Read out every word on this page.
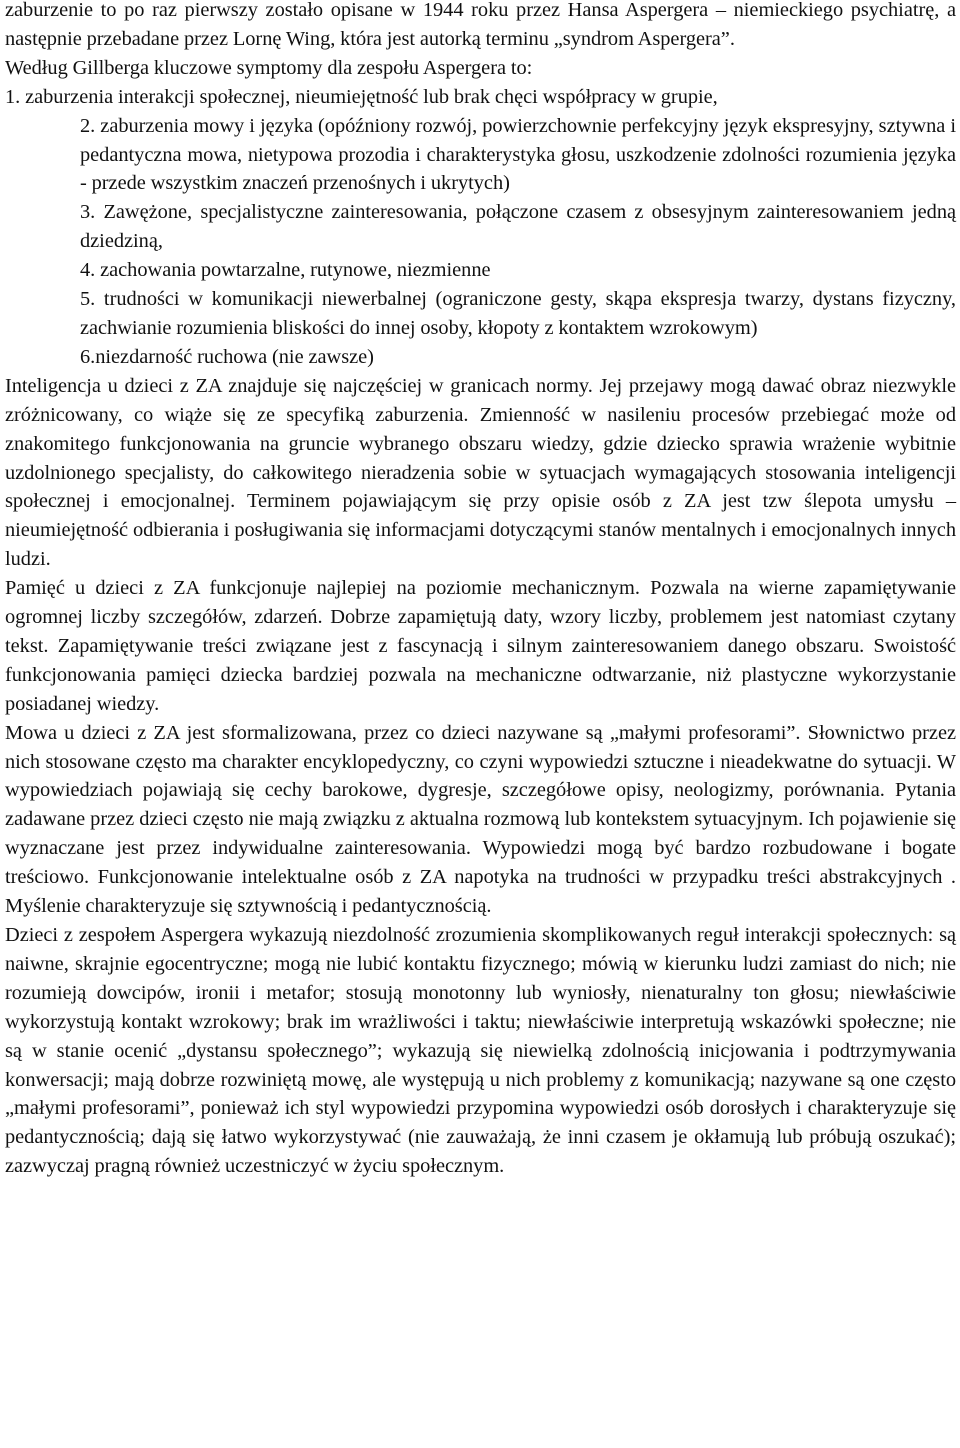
zaburzenie to po raz pierwszy zostało opisane w 1944 roku przez Hansa Aspergera – niemieckiego psychiatrę, a następnie przebadane przez Lornę Wing, która jest autorką terminu „syndrom Aspergera”.

Według Gillberga kluczowe symptomy dla zespołu Aspergera to:

1. zaburzenia interakcji społecznej, nieumiejętność lub brak chęci współpracy w grupie,
2. zaburzenia mowy i języka (opóźniony rozwój, powierzchownie perfekcyjny język ekspresyjny, sztywna i pedantyczna mowa, nietypowa prozodia i charakterystyka głosu, uszkodzenie zdolności rozumienia języka - przede wszystkim znaczeń przenośnych i ukrytych)
3. Zawężone, specjalistyczne zainteresowania, połączone czasem z obsesyjnym zainteresowaniem jedną dziedziną,
4. zachowania powtarzalne, rutynowe, niezmienne
5. trudności w komunikacji niewerbalnej (ograniczone gesty, skąpa ekspresja twarzy, dystans fizyczny, zachwianie rozumienia bliskości do innej osoby, kłopoty z kontaktem wzrokowym)
6.niezdarność ruchowa (nie zawsze)

Inteligencja u dzieci z ZA znajduje się najczęściej w granicach normy. Jej przejawy mogą dawać obraz niezwykle zróżnicowany, co wiąże się ze specyfiką zaburzenia. Zmienność w nasileniu procesów przebiegać może od znakomitego funkcjonowania na gruncie wybranego obszaru wiedzy, gdzie dziecko sprawia wrażenie wybitnie uzdolnionego specjalisty, do całkowitego nieradzenia sobie w sytuacjach wymagających stosowania inteligencji społecznej i emocjonalnej. Terminem pojawiającym się przy opisie osób z ZA jest tzw ślepota umysłu – nieumiejętność odbierania i posługiwania się informacjami dotyczącymi stanów mentalnych i emocjonalnych innych ludzi.

Pamięć u dzieci z ZA funkcjonuje najlepiej na poziomie mechanicznym. Pozwala na wierne zapamiętywanie ogromnej liczby szczegółów, zdarzeń. Dobrze zapamiętują daty, wzory liczby, problemem jest natomiast czytany tekst. Zapamiętywanie treści związane jest z fascynacją i silnym zainteresowaniem danego obszaru. Swoistość funkcjonowania pamięci dziecka bardziej pozwala na mechaniczne odtwarzanie, niż plastyczne wykorzystanie posiadanej wiedzy.

Mowa u dzieci z ZA jest sformalizowana, przez co dzieci nazywane są „małymi profesorami”. Słownictwo przez nich stosowane często ma charakter encyklopedyczny, co czyni wypowiedzi sztuczne i nieadekwatne do sytuacji. W wypowiedziach pojawiają się cechy barokowe, dygresje, szczegółowe opisy, neologizmy, porównania. Pytania zadawane przez dzieci często nie mają związku z aktualna rozmową lub kontekstem sytuacyjnym. Ich pojawienie się wyznaczane jest przez indywidualne zainteresowania. Wypowiedzi mogą być bardzo rozbudowane i bogate treściowo. Funkcjonowanie intelektualne osób z ZA napotyka na trudności w przypadku treści abstrakcyjnych . Myślenie charakteryzuje się sztywnością i pedantycznością.

Dzieci z zespołem Aspergera wykazują niezdolność zrozumienia skomplikowanych reguł interakcji społecznych: są naiwne, skrajnie egocentryczne; mogą nie lubić kontaktu fizycznego; mówią w kierunku ludzi zamiast do nich; nie rozumieją dowcipów, ironii i metafor; stosują monotonny lub wyniosły, nienaturalny ton głosu; niewłaściwie wykorzystują kontakt wzrokowy; brak im wrażliwości i taktu; niewłaściwie interpretują wskazówki społeczne; nie są w stanie ocenić „dystansu społecznego”; wykazują się niewielką zdolnością inicjowania i podtrzymywania konwersacji; mają dobrze rozwiniętą mowę, ale występują u nich problemy z komunikacją; nazywane są one często „małymi profesorami”, ponieważ ich styl wypowiedzi przypomina wypowiedzi osób dorosłych i charakteryzuje się pedantycznością; dają się łatwo wykorzystywać (nie zauważają, że inni czasem je okłamują lub próbują oszukać); zazwyczaj pragną również uczestniczyć w życiu społecznym.
